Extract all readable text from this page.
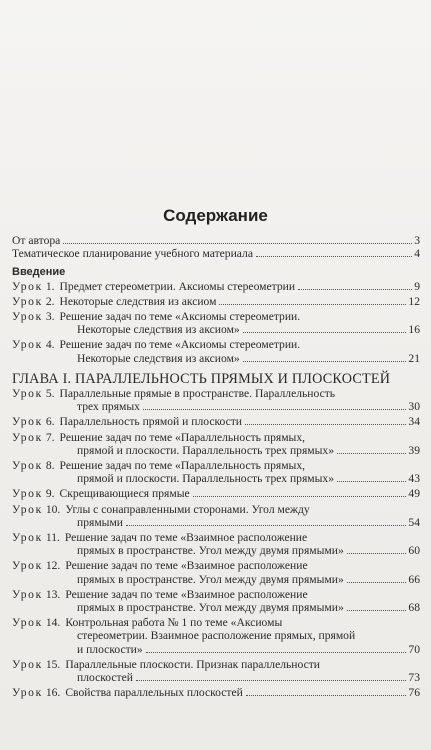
Содержание
От автора	3
Тематическое планирование учебного материала	4
Введение
Урок 1. Предмет стереометрии. Аксиомы стереометрии	9
Урок 2. Некоторые следствия из аксиом	12
Урок 3. Решение задач по теме «Аксиомы стереометрии.
Некоторые следствия из аксиом»	16
Урок 4. Решение задач по теме «Аксиомы стереометрии.
Некоторые следствия из аксиом»	21
ГЛАВА I. ПАРАЛЛЕЛЬНОСТЬ ПРЯМЫХ И ПЛОСКОСТЕЙ
Урок 5. Параллельные прямые в пространстве. Параллельность
трех прямых	30
Урок 6. Параллельность прямой и плоскости	34
Урок 7. Решение задач по теме «Параллельность прямых,
прямой и плоскости. Параллельность трех прямых»	39
Урок 8. Решение задач по теме «Параллельность прямых,
прямой и плоскости. Параллельность трех прямых»	43
Урок 9. Скрещивающиеся прямые	49
Урок 10. Углы с сонаправленными сторонами. Угол между
прямыми	54
Урок 11. Решение задач по теме «Взаимное расположение
прямых в пространстве. Угол между двумя прямыми»	60
Урок 12. Решение задач по теме «Взаимное расположение
прямых в пространстве. Угол между двумя прямыми»	66
Урок 13. Решение задач по теме «Взаимное расположение
прямых в пространстве. Угол между двумя прямыми»	68
Урок 14. Контрольная работа № 1 по теме «Аксиомы
стереометрии. Взаимное расположение прямых, прямой
и плоскости»	70
Урок 15. Параллельные плоскости. Признак параллельности
плоскостей	73
Урок 16. Свойства параллельных плоскостей	76
